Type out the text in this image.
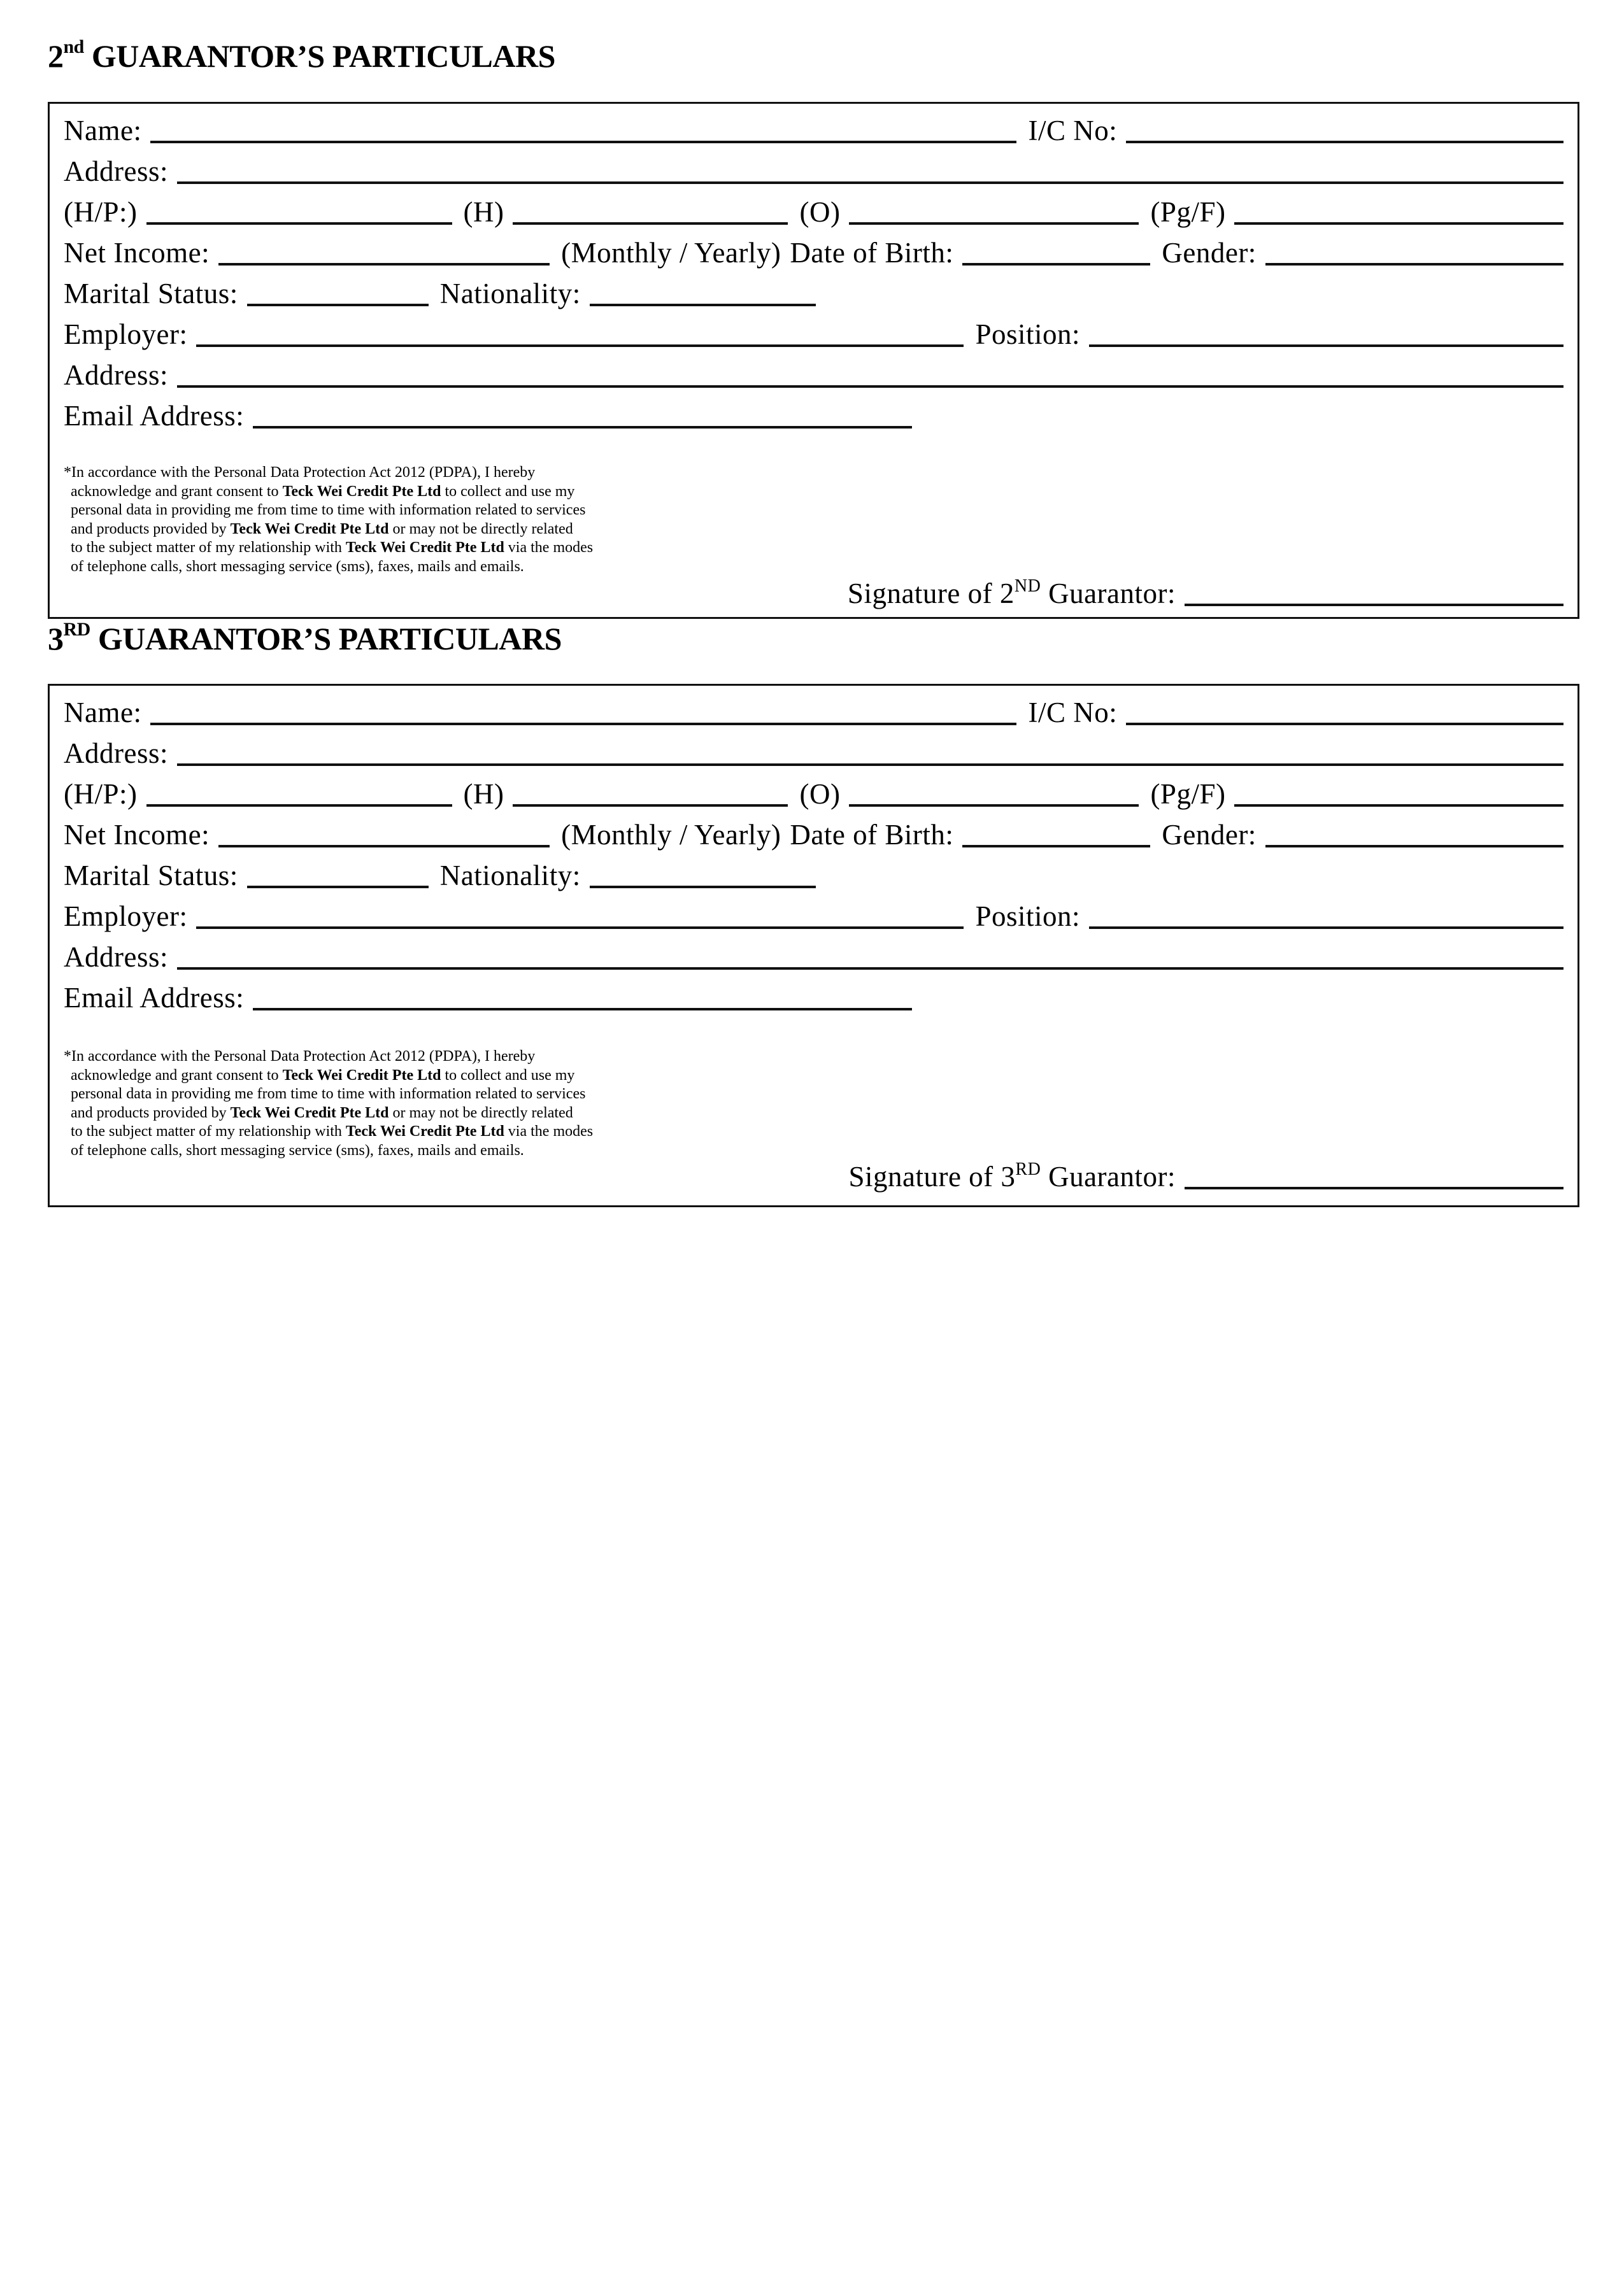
2nd GUARANTOR’S PARTICULARS
Name:	I/C No:
Address:
(H/P:)	(H)	(O)	(Pg/F)
Net Income:	(Monthly / Yearly) Date of Birth:	Gender:
Marital Status:	Nationality:
Employer:	Position:
Address:
Email Address:

*In accordance with the Personal Data Protection Act 2012 (PDPA), I hereby

acknowledge and grant consent to Teck Wei Credit Pte Ltd to collect and use my

personal data in providing me from time to time with information related to services

and products provided by Teck Wei Credit Pte Ltd or may not be directly related

to the subject matter of my relationship with Teck Wei Credit Pte Ltd via the modes

of telephone calls, short messaging service (sms), faxes, mails and emails.

Signature of 2ND Guarantor:
3RD GUARANTOR’S PARTICULARS
Name:	I/C No:
Address:
(H/P:)	(H)	(O)	(Pg/F)
Net Income:	(Monthly / Yearly) Date of Birth:	Gender:
Marital Status:	Nationality:
Employer:	Position:
Address:
Email Address:

*In accordance with the Personal Data Protection Act 2012 (PDPA), I hereby

acknowledge and grant consent to Teck Wei Credit Pte Ltd to collect and use my

personal data in providing me from time to time with information related to services

and products provided by Teck Wei Credit Pte Ltd or may not be directly related

to the subject matter of my relationship with Teck Wei Credit Pte Ltd via the modes

of telephone calls, short messaging service (sms), faxes, mails and emails.

Signature of 3RD Guarantor:
